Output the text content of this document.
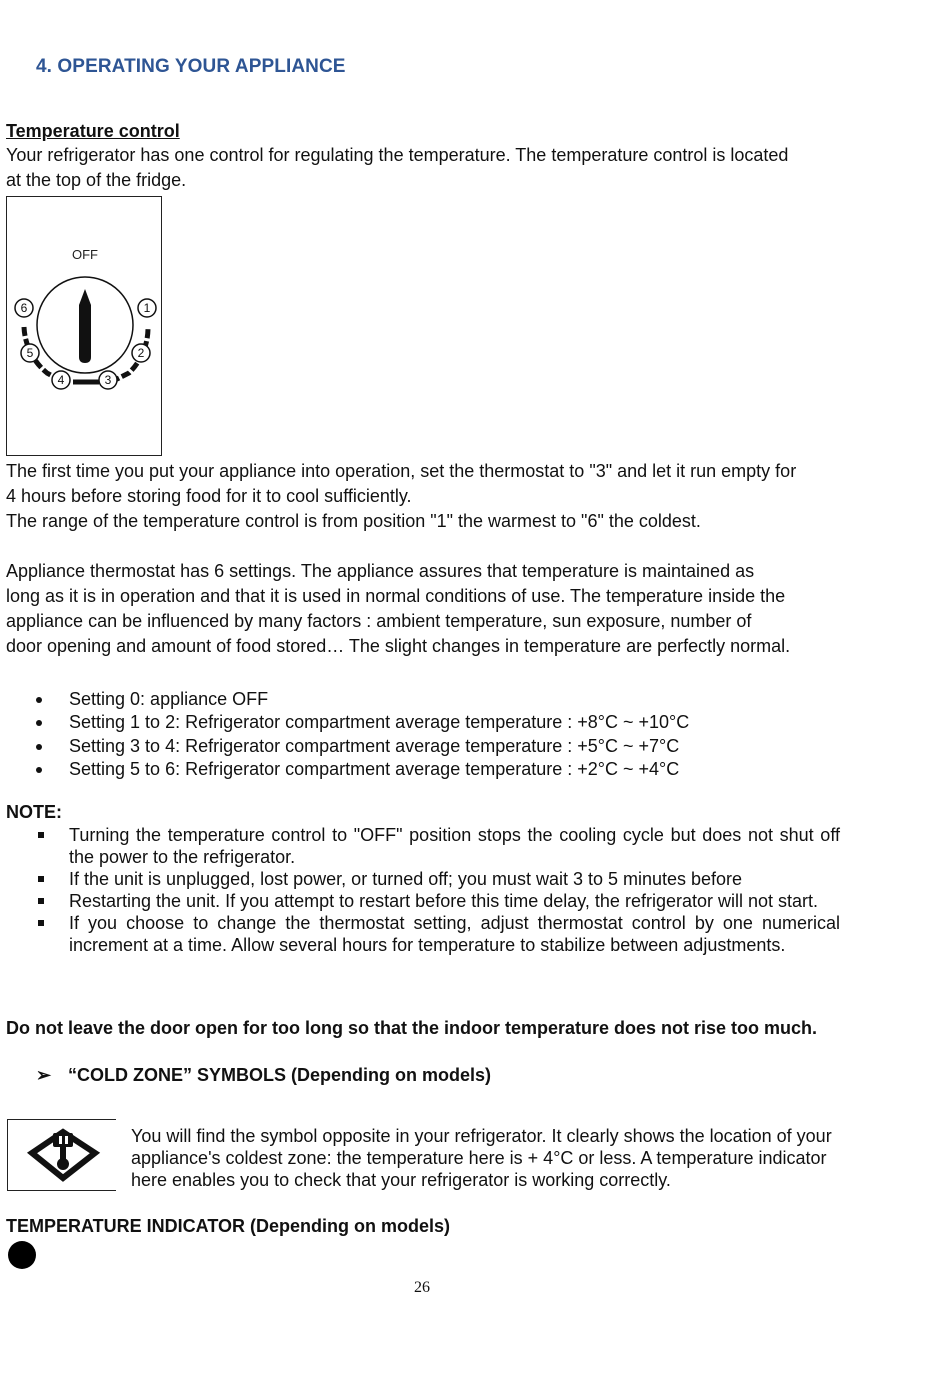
4. OPERATING YOUR APPLIANCE
Temperature control

Your refrigerator has one control for regulating the temperature. The temperature control is located

at the top of the fridge.

OFF
1
2
3
4
5
6

The first time you put your appliance into operation, set the thermostat to "3" and let it run empty for

4 hours before storing food for it to cool sufficiently.

The range of the temperature control is from position "1" the warmest to "6" the coldest.

Appliance thermostat has 6 settings. The appliance assures that temperature is maintained as

long as it is in operation and that it is used in normal conditions of use. The temperature inside the

appliance can be influenced by many factors : ambient temperature, sun exposure, number of

door opening and amount of food stored… The slight changes in temperature are perfectly normal.

Setting 0: appliance OFF
Setting 1 to 2: Refrigerator compartment average temperature : +8°C ~ +10°C
Setting 3 to 4: Refrigerator compartment average temperature : +5°C ~ +7°C
Setting 5 to 6: Refrigerator compartment average temperature : +2°C ~ +4°C
NOTE:
Turning the temperature control to "OFF" position stops the cooling cycle but does not shut off the power to the refrigerator.
If the unit is unplugged, lost power, or turned off; you must wait 3 to 5 minutes before
Restarting the unit. If you attempt to restart before this time delay, the refrigerator will not start.
If you choose to change the thermostat setting, adjust thermostat control by one numerical increment at a time. Allow several hours for temperature to stabilize between adjustments.

Do not leave the door open for too long so that the indoor temperature does not rise too much.

➢ “COLD ZONE” SYMBOLS (Depending on models)

You will find the symbol opposite in your refrigerator. It clearly shows the location of your appliance's coldest zone: the temperature here is + 4°C or less. A temperature indicator here enables you to check that your refrigerator is working correctly.

TEMPERATURE INDICATOR (Depending on models)
26
